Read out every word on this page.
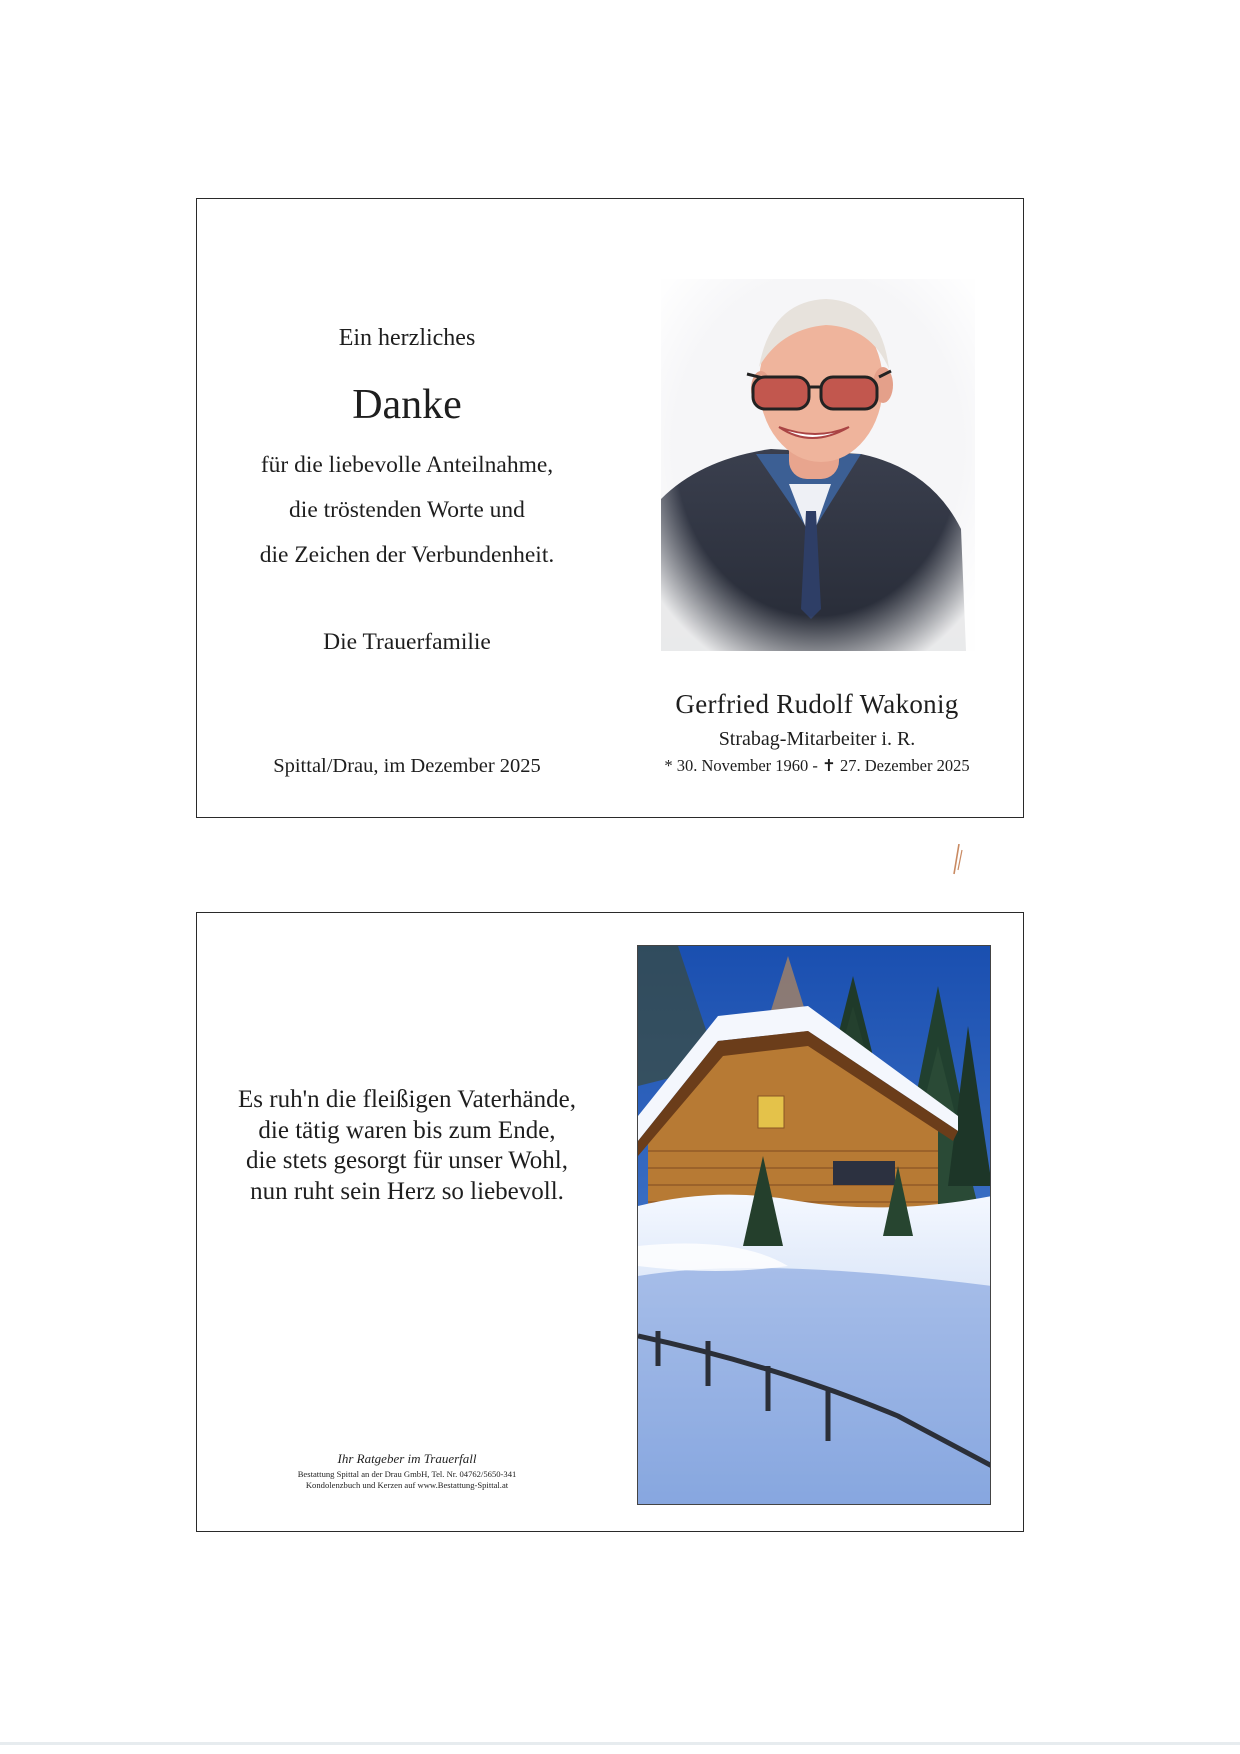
Ein herzliches
Danke
für die liebevolle Anteilnahme,
die tröstenden Worte und
die Zeichen der Verbundenheit.
Die Trauerfamilie
Spittal/Drau, im Dezember 2025
Gerfried Rudolf Wakonig
Strabag-Mitarbeiter i. R.
* 30. November 1960 - ✝ 27. Dezember 2025
Es ruh'n die fleißigen Vaterhände,
die tätig waren bis zum Ende,
die stets gesorgt für unser Wohl,
nun ruht sein Herz so liebevoll.
Ihr Ratgeber im Trauerfall
Bestattung Spittal an der Drau GmbH, Tel. Nr. 04762/5650-341
Kondolenzbuch und Kerzen auf www.Bestattung-Spittal.at
